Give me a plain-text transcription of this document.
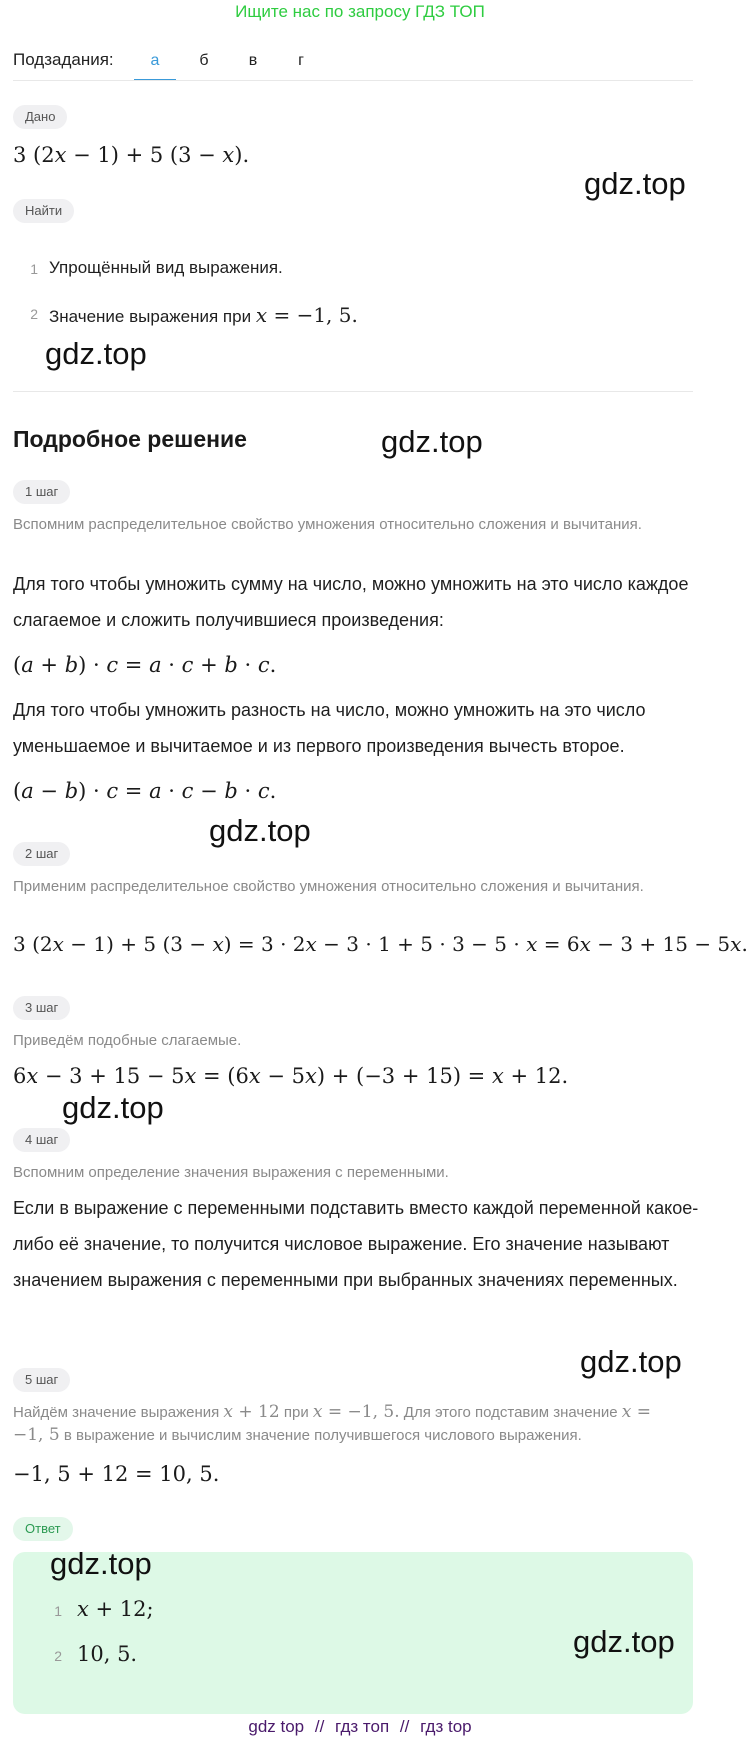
Ищите нас по запросу ГДЗ ТОП
Подзадания:	а	б	в	г
Дано
3 (2x − 1) + 5 (3 − x).
Найти
1 Упрощённый вид выражения.
2 Значение выражения при x = −1, 5.
Подробное решение
1 шаг
Вспомним распределительное свойство умножения относительно сложения и вычитания.
Для того чтобы умножить сумму на число, можно умножить на это число каждое слагаемое и сложить получившиеся произведения:
(a + b) · c = a · c + b · c.
Для того чтобы умножить разность на число, можно умножить на это число уменьшаемое и вычитаемое и из первого произведения вычесть второе.
(a − b) · c = a · c − b · c.
2 шаг
Применим распределительное свойство умножения относительно сложения и вычитания.
3 (2x − 1) + 5 (3 − x) = 3 · 2x − 3 · 1 + 5 · 3 − 5 · x = 6x − 3 + 15 − 5x.
3 шаг
Приведём подобные слагаемые.
6x − 3 + 15 − 5x = (6x − 5x) + (−3 + 15) = x + 12.
4 шаг
Вспомним определение значения выражения с переменными.
Если в выражение с переменными подставить вместо каждой переменной какое-либо её значение, то получится числовое выражение. Его значение называют значением выражения с переменными при выбранных значениях переменных.
5 шаг
Найдём значение выражения x + 12 при x = −1, 5. Для этого подставим значение x = −1, 5 в выражение и вычислим значение получившегося числового выражения.
−1, 5 + 12 = 10, 5.
Ответ
1 x + 12;
2 10, 5.
gdz.top
gdz.top
gdz.top
gdz.top
gdz.top
gdz.top
gdz.top
gdz.top
gdz top // гдз топ // гдз top
